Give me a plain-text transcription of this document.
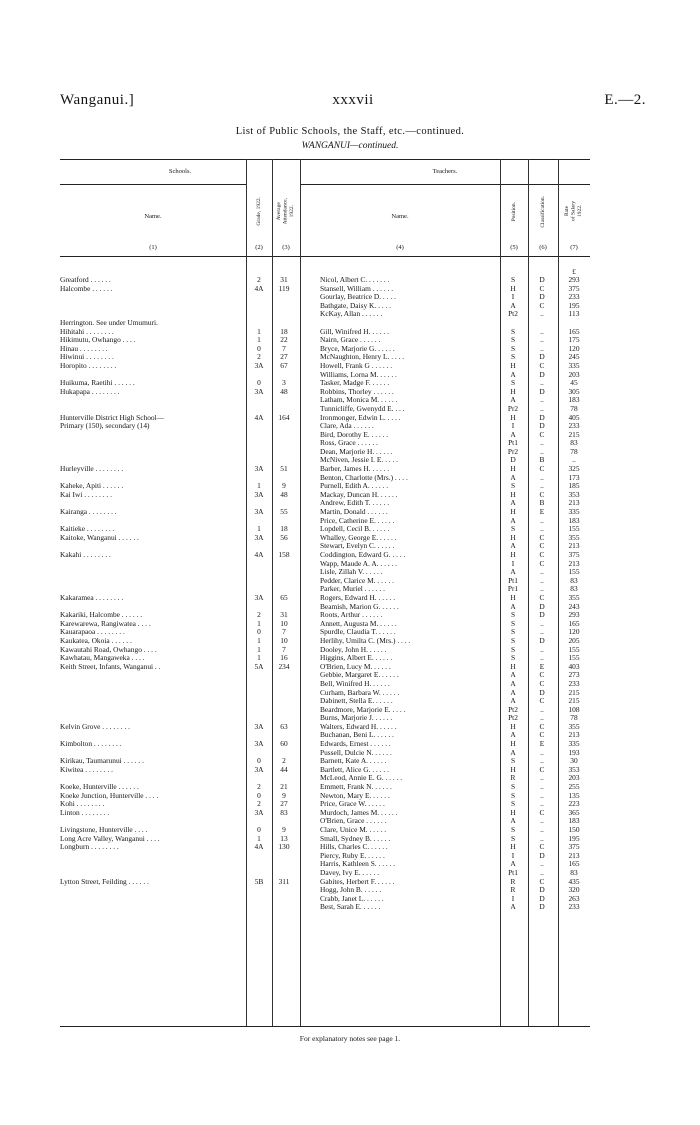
Wanganui.]	xxxvii	E.—2.
List of Public Schools, the Staff, etc.—continued.
WANGANUI—continued.
Schools.	Teachers.
Name.	Grade, 1922.	Average
Attendance,
1922.	Name.	Position.	Classification.	Rate
of Salary
1922.
(1)	(2)	(3)	(4)	(5)	(6)	(7)
£
Greatford . . . . . .	2	31	Nicol, Albert C. . . . . . .	S	D	293
Halcombe . . . . . .	4A	119	Stansell, William . . . . . .	H	C	375
Gourlay, Beatrice D. . . . .	I	D	233
Bathgate, Daisy K. . . . .	A	C	195
KcKay, Allan . . . . . .	Pt2	..	113
Herrington. See under Umumuri.
Hihitahi . . . . . . . .	1	18	Gill, Winifred H. . . . . .	S	..	165
Hikimutu, Owhango . . . .	1	22	Nairn, Grace . . . . . .	S	..	175
Hinau . . . . . . . .	0	7	Bryce, Marjorie G. . . . . .	S	..	120
Hiwinui . . . . . . . .	2	27	McNaughton, Henry L. . . . .	S	D	245
Horopito . . . . . . . .	3A	67	Howell, Frank G . . . . . .	H	C	335
Williams, Lorna M. . . . . .	A	D	203
Huikuma, Raetihi . . . . . .	0	3	Tasker, Madge F. . . . . .	S	..	45
Hukapapa . . . . . . . .	3A	48	Robbins, Thorley . . . . . .	H	D	305
Latham, Monica M. . . . . .	A	..	183
Tunnicliffe, Gwenydd E. . . .	Pr2	..	78
Hunterville District High School—	4A	164	Ironmonger, Edwin L. . . . .	H	D	405
Primary (150), secondary (14)	Clare, Ada . . . . . .	I	D	233
Bird, Dorothy E. . . . . .	A	C	215
Ross, Grace . . . . . .	Pt1	..	83
Dean, Marjorie H. . . . . .	Pr2	..	78
McNiven, Jessie I. E. . . . .	D	B	..
Hurleyville . . . . . . . .	3A	51	Barber, James H. . . . . .	H	C	325
Benton, Charlotte (Mrs.) . . . .	A	..	173
Kaheke, Apiti . . . . . .	1	9	Purnell, Edith A. . . . . .	S	..	185
Kai Iwi . . . . . . . .	3A	48	Mackay, Duncan H. . . . . .	H	C	353
Andrew, Edith T. . . . . .	A	B	213
Kairanga . . . . . . . .	3A	55	Martin, Donald . . . . . .	H	E	335
Price, Catherine E. . . . . .	A	..	183
Kaitieke . . . . . . . .	1	18	Lopdell, Cecil B. . . . . .	S	..	155
Kaitoke, Wanganui . . . . . .	3A	56	Whalley, George E. . . . . .	H	C	355
Stewart, Evelyn C. . . . . .	A	C	213
Kakahi . . . . . . . .	4A	158	Coddington, Edward G. . . . .	H	C	375
Wapp, Maude A. A. . . . . .	I	C	213
Lisle, Zillah V. . . . . .	A	..	155
Pedder, Clarice M. . . . . .	Pt1	..	83
Parker, Muriel . . . . . .	Pr1	..	83
Kakaramea . . . . . . . .	3A	65	Rogers, Edward H. . . . . .	H	C	355
Beamish, Marion G. . . . . .	A	D	243
Kakariki, Halcombe . . . . . .	2	31	Roots, Arthur . . . . . .	S	D	293
Karewarewa, Rangiwatea . . . .	1	10	Annett, Augusta M. . . . . .	S	..	165
Kauarapaoa . . . . . . . .	0	7	Spurdle, Claudia T. . . . . .	S	..	120
Kaukatea, Okoia . . . . . .	1	10	Herlihy, Umilta C. (Mrs.) . . . .	S	D	205
Kawautahi Road, Owhango . . . .	1	7	Dooley, John H. . . . . .	S	..	155
Kawhatau, Mangaweka . . . .	1	16	Higgins, Albert E. . . . . .	S	..	155
Keith Street, Infants, Wanganui . .	5A	234	O'Brien, Lucy M. . . . . .	H	E	403
Gebbie, Margaret E. . . . . .	A	C	273
Bell, Winifred H. . . . . .	A	C	233
Curham, Barbara W. . . . . .	A	D	215
Dabinett, Stella E. . . . . .	A	C	215
Beardmore, Marjorie E. . . . .	Pt2	..	108
Burns, Marjorie J. . . . . .	Pt2	..	78
Kelvin Grove . . . . . . . .	3A	63	Walters, Edward H. . . . . .	H	C	355
Buchanan, Beni L. . . . . .	A	C	213
Kimbolton . . . . . . . .	3A	60	Edwards, Ernest . . . . . .	H	E	335
Pussell, Dulcie N. . . . . .	A	..	193
Kirikau, Taumarunui . . . . . .	0	2	Barnett, Kate A. . . . . .	S	..	30
Kiwitea . . . . . . . .	3A	44	Bartlett, Alice G. . . . . .	H	C	353
McLeod, Annie E. G. . . . . .	R	..	203
Koeke, Hunterville . . . . . .	2	21	Emmett, Frank N. . . . . .	S	..	255
Koeke Junction, Hunterville . . . .	0	9	Newton, Mary E. . . . . .	S	..	135
Kohi . . . . . . . .	2	27	Price, Grace W. . . . . .	S	..	223
Linton . . . . . . . .	3A	83	Murdoch, James M. . . . . .	H	C	365
O'Brien, Grace . . . . . .	A	..	183
Livingstone, Hunterville . . . .	0	9	Clare, Unice M. . . . . .	S	..	150
Long Acre Valley, Wanganui . . . .	1	13	Small, Sydney B. . . . . .	S	..	195
Longburn . . . . . . . .	4A	130	Hills, Charles C. . . . . .	H	C	375
Piercy, Ruby E. . . . . .	I	D	213
Harris, Kathleen S. . . . . .	A	..	165
Davey, Ivy E. . . . . .	Pt1	..	83
Lytton Street, Feilding . . . . . .	5B	311	Gabites, Herbert F. . . . . .	R	C	435
Hogg, John B. . . . . .	R	D	320
Crabb, Janet L. . . . . .	I	D	263
Best, Sarah E. . . . . .	A	D	233
For explanatory notes see page 1.
